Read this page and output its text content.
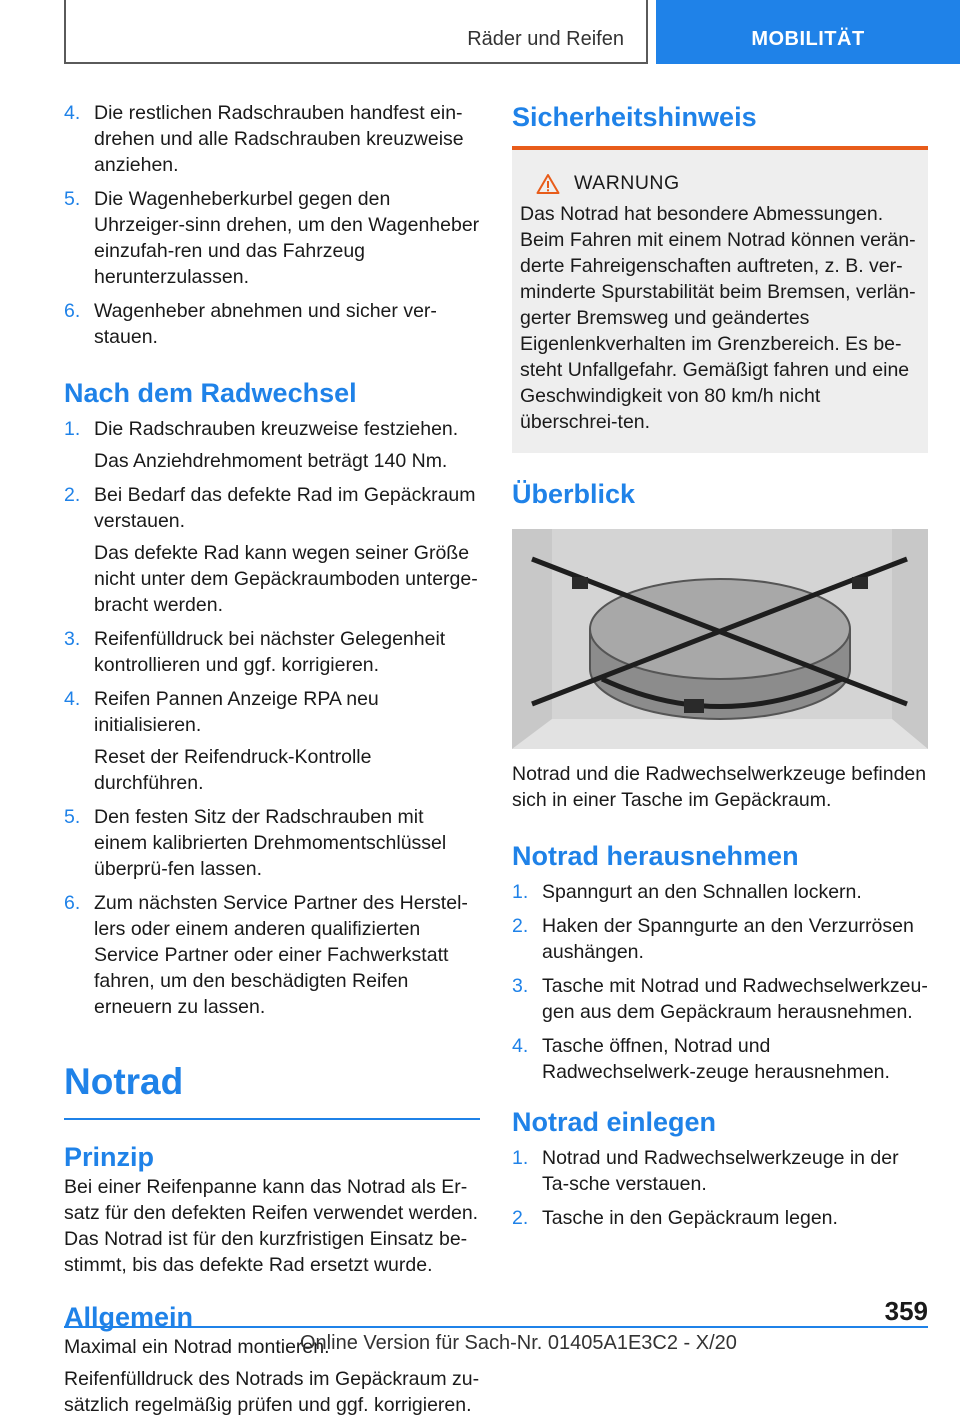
Räder und Reifen	MOBILITÄT
4. Die restlichen Radschrauben handfest ein-drehen und alle Radschrauben kreuzweise anziehen.
5. Die Wagenheberkurbel gegen den Uhrzeiger-sinn drehen, um den Wagenheber einzufah-ren und das Fahrzeug herunterzulassen.
6. Wagenheber abnehmen und sicher ver-stauen.
Nach dem Radwechsel
1. Die Radschrauben kreuzweise festziehen.
Das Anziehdrehmoment beträgt 140 Nm.
2. Bei Bedarf das defekte Rad im Gepäckraum verstauen.
Das defekte Rad kann wegen seiner Größe nicht unter dem Gepäckraumboden unterge-bracht werden.
3. Reifenfülldruck bei nächster Gelegenheit kontrollieren und ggf. korrigieren.
4. Reifen Pannen Anzeige RPA neu initialisieren.
Reset der Reifendruck-Kontrolle durchführen.
5. Den festen Sitz der Radschrauben mit einem kalibrierten Drehmomentschlüssel überprü-fen lassen.
6. Zum nächsten Service Partner des Herstel-lers oder einem anderen qualifizierten Service Partner oder einer Fachwerkstatt fahren, um den beschädigten Reifen erneuern zu lassen.
Notrad
Prinzip

Bei einer Reifenpanne kann das Notrad als Er-satz für den defekten Reifen verwendet werden. Das Notrad ist für den kurzfristigen Einsatz be-stimmt, bis das defekte Rad ersetzt wurde.

Allgemein

Maximal ein Notrad montieren.

Reifenfülldruck des Notrads im Gepäckraum zu-sätzlich regelmäßig prüfen und ggf. korrigieren.

Sicherheitshinweis
WARNUNG

Das Notrad hat besondere Abmessungen. Beim Fahren mit einem Notrad können verän-derte Fahreigenschaften auftreten, z. B. ver-minderte Spurstabilität beim Bremsen, verlän-gerter Bremsweg und geändertes Eigenlenkverhalten im Grenzbereich. Es be-steht Unfallgefahr. Gemäßigt fahren und eine Geschwindigkeit von 80 km/h nicht überschrei-ten.

Überblick

Notrad und die Radwechselwerkzeuge befinden sich in einer Tasche im Gepäckraum.

Notrad herausnehmen
1. Spanngurt an den Schnallen lockern.
2. Haken der Spanngurte an den Verzurrösen aushängen.
3. Tasche mit Notrad und Radwechselwerkzeu-gen aus dem Gepäckraum herausnehmen.
4. Tasche öffnen, Notrad und Radwechselwerk-zeuge herausnehmen.
Notrad einlegen
1. Notrad und Radwechselwerkzeuge in der Ta-sche verstauen.
2. Tasche in den Gepäckraum legen.
359
Online Version für Sach-Nr. 01405A1E3C2 - X/20
